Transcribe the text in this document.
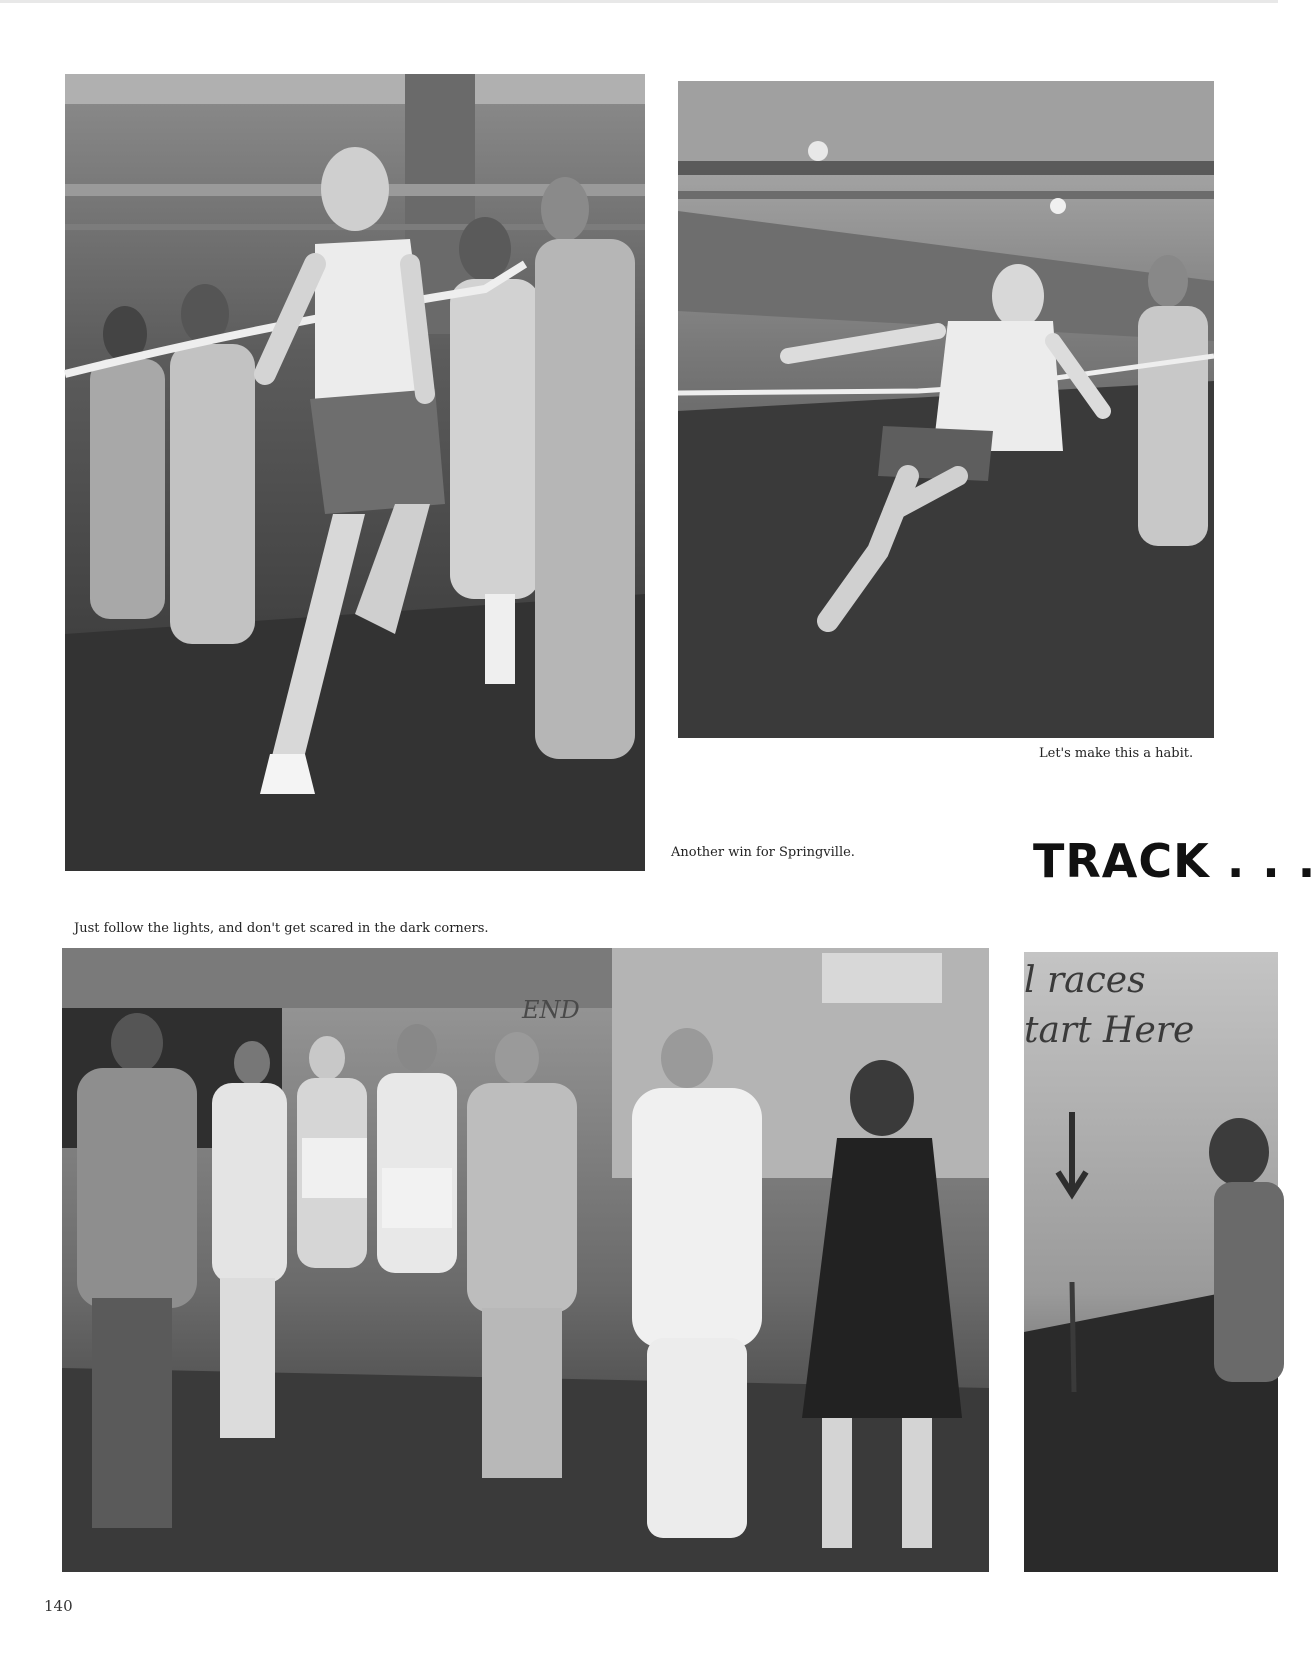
Let's make this a habit.
Another win for Springville.	TRACK . . .
Just follow the lights, and don't get scared in the dark corners.
END
l races
tart Here
140
